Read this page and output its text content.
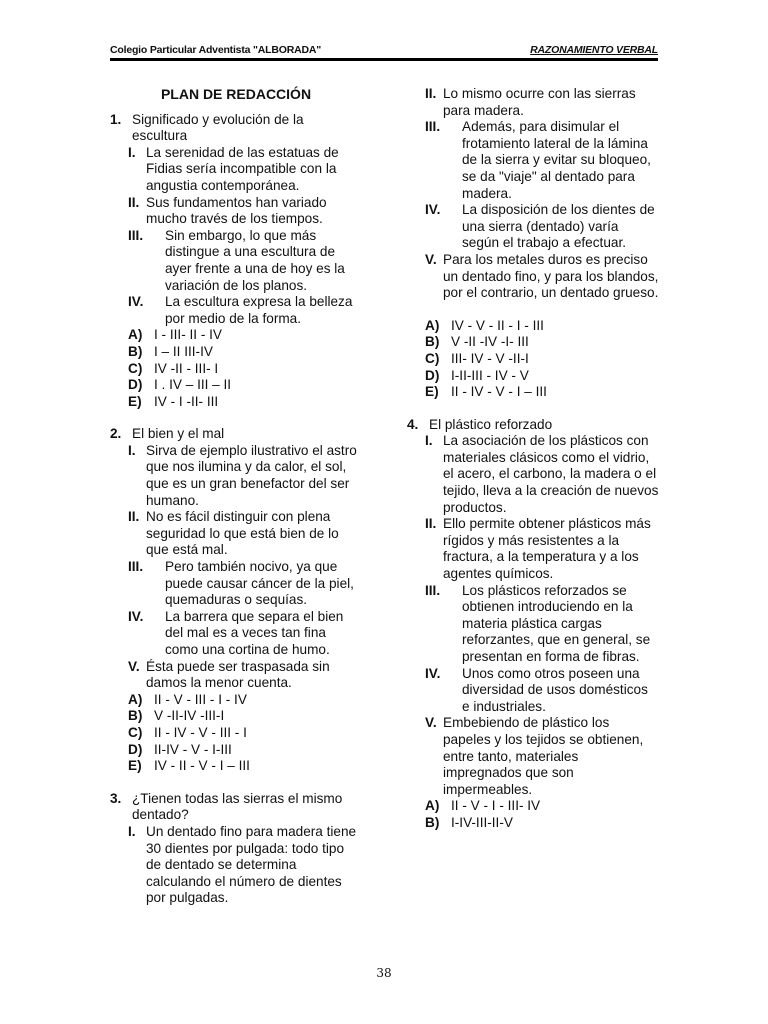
Colegio Particular Adventista "ALBORADA"	RAZONAMIENTO VERBAL
PLAN DE REDACCIÓN
1. Significado y evolución de la escultura
I. La serenidad de las estatuas de Fidias sería incompatible con la angustia contemporánea.
II. Sus fundamentos han variado mucho través de los tiempos.
III. Sin embargo, lo que más distingue a una escultura de ayer frente a una de hoy es la variación de los planos.
IV. La escultura expresa la belleza por medio de la forma.
A) I - III- II - IV
B) I – II III-IV
C) IV -II - III- I
D) I . IV – III – II
E) IV - I -II- III
2. El bien y el mal
I. Sirva de ejemplo ilustrativo el astro que nos ilumina y da calor, el sol, que es un gran benefactor del ser humano.
II. No es fácil distinguir con plena seguridad lo que está bien de lo que está mal.
III. Pero también nocivo, ya que puede causar cáncer de la piel, quemaduras o sequías.
IV. La barrera que separa el bien del mal es a veces tan fina como una cortina de humo.
V. Ésta puede ser traspasada sin damos la menor cuenta.
A) II - V - III - I - IV
B) V -II-IV -III-I
C) II - IV - V - III - I
D) II-IV - V - I-III
E) IV - II - V - I – III
3. ¿Tienen todas las sierras el mismo dentado?
I. Un dentado fino para madera tiene 30 dientes por pulgada: todo tipo de dentado se determina calculando el número de dientes por pulgadas.
II. Lo mismo ocurre con las sierras para madera.
III. Además, para disimular el frotamiento lateral de la lámina de la sierra y evitar su bloqueo, se da "viaje" al dentado para madera.
IV. La disposición de los dientes de una sierra (dentado) varía según el trabajo a efectuar.
V. Para los metales duros es preciso un dentado fino, y para los blandos, por el contrario, un dentado grueso.
A) IV - V - II - I - III
B) V -II -IV -I- III
C) III- IV - V -II-I
D) I-II-III - IV - V
E) II - IV - V - I – III
4. El plástico reforzado
I. La asociación de los plásticos con materiales clásicos como el vidrio, el acero, el carbono, la madera o el tejido, lleva a la creación de nuevos productos.
II. Ello permite obtener plásticos más rígidos y más resistentes a la fractura, a la temperatura y a los agentes químicos.
III. Los plásticos reforzados se obtienen introduciendo en la materia plástica cargas reforzantes, que en general, se presentan en forma de fibras.
IV. Unos como otros poseen una diversidad de usos domésticos e industriales.
V. Embebiendo de plástico los papeles y los tejidos se obtienen, entre tanto, materiales impregnados que son impermeables.
A) II - V - I - III- IV
B) I-IV-III-II-V
38
